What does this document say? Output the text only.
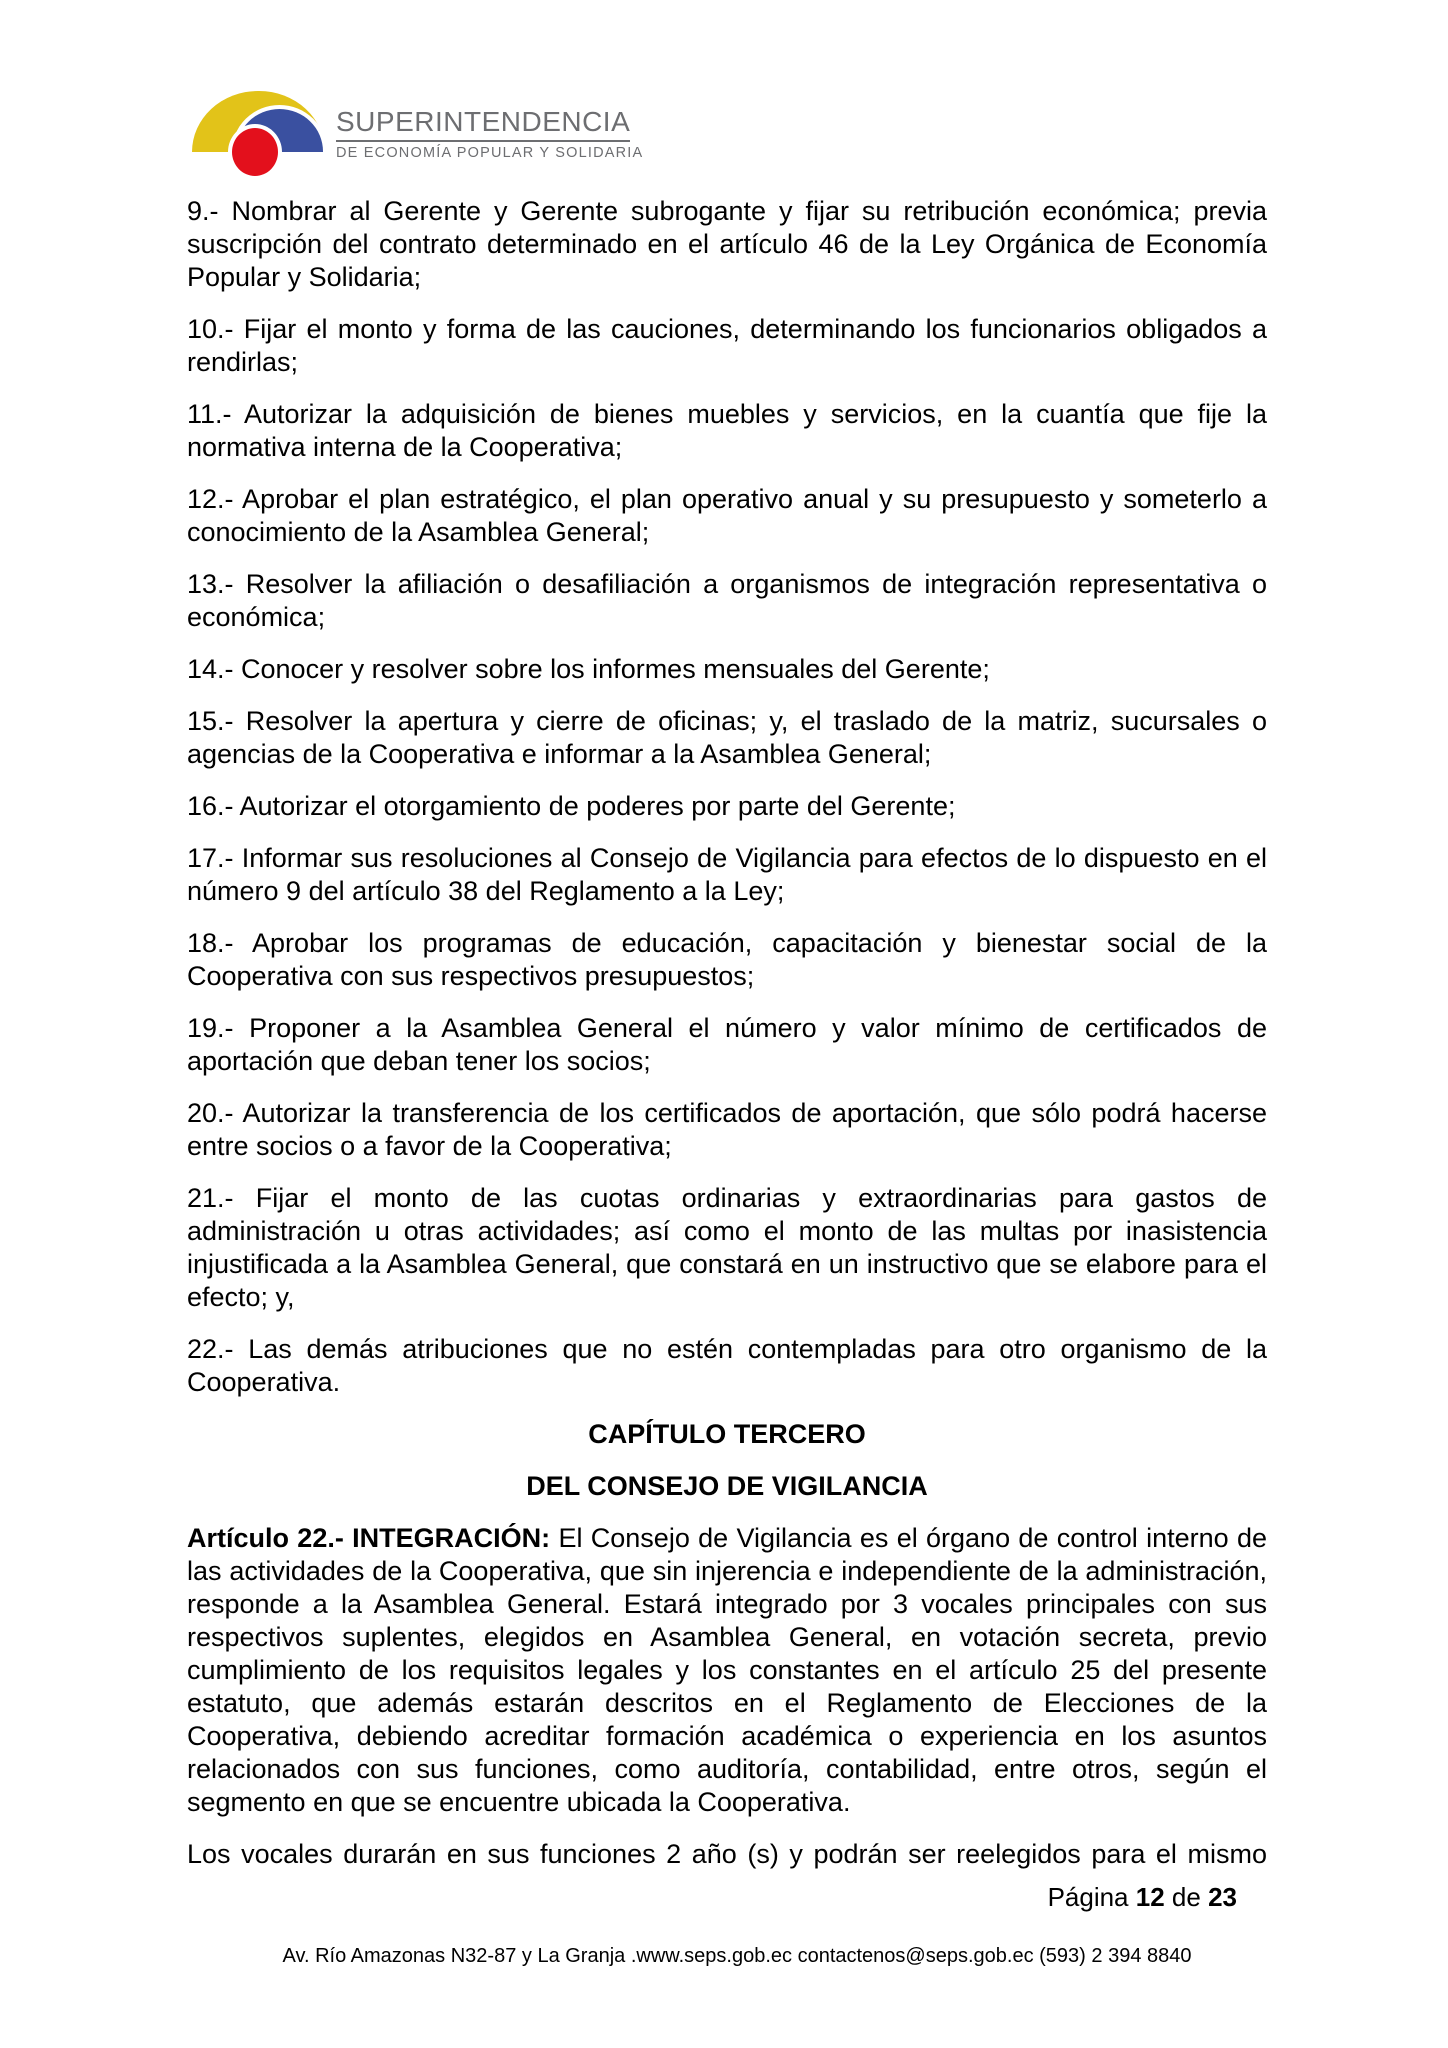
SUPERINTENDENCIA
DE ECONOMÍA POPULAR Y SOLIDARIA

9.- Nombrar al Gerente y Gerente subrogante y fijar su retribución económica; previa suscripción del contrato determinado en el artículo 46 de la Ley Orgánica de Economía Popular y Solidaria;

10.- Fijar el monto y forma de las cauciones, determinando los funcionarios obligados a rendirlas;

11.- Autorizar la adquisición de bienes muebles y servicios, en la cuantía que fije la normativa interna de la Cooperativa;

12.- Aprobar el plan estratégico, el plan operativo anual y su presupuesto y someterlo a conocimiento de la Asamblea General;

13.- Resolver la afiliación o desafiliación a organismos de integración representativa o económica;

14.- Conocer y resolver sobre los informes mensuales del Gerente;

15.- Resolver la apertura y cierre de oficinas; y, el traslado de la matriz, sucursales o agencias de la Cooperativa e informar a la Asamblea General;

16.- Autorizar el otorgamiento de poderes por parte del Gerente;

17.- Informar sus resoluciones al Consejo de Vigilancia para efectos de lo dispuesto en el número 9 del artículo 38 del Reglamento a la Ley;

18.- Aprobar los programas de educación, capacitación y bienestar social de la Cooperativa con sus respectivos presupuestos;

19.- Proponer a la Asamblea General el número y valor mínimo de certificados de aportación que deban tener los socios;

20.- Autorizar la transferencia de los certificados de aportación, que sólo podrá hacerse entre socios o a favor de la Cooperativa;

21.- Fijar el monto de las cuotas ordinarias y extraordinarias para gastos de administración u otras actividades; así como el monto de las multas por inasistencia injustificada a la Asamblea General, que constará en un instructivo que se elabore para el efecto; y,

22.- Las demás atribuciones que no estén contempladas para otro organismo de la Cooperativa.

CAPÍTULO TERCERO

DEL CONSEJO DE VIGILANCIA

Artículo 22.- INTEGRACIÓN: El Consejo de Vigilancia es el órgano de control interno de las actividades de la Cooperativa, que sin injerencia e independiente de la administración, responde a la Asamblea General. Estará integrado por 3 vocales principales con sus respectivos suplentes, elegidos en Asamblea General, en votación secreta, previo cumplimiento de los requisitos legales y los constantes en el artículo 25 del presente estatuto, que además estarán descritos en el Reglamento de Elecciones de la Cooperativa, debiendo acreditar formación académica o experiencia en los asuntos relacionados con sus funciones, como auditoría, contabilidad, entre otros, según el segmento en que se encuentre ubicada la Cooperativa.

Los vocales durarán en sus funciones 2 año (s) y podrán ser reelegidos para el mismo

Página 12 de 23
Av. Río Amazonas N32-87 y La Granja .www.seps.gob.ec contactenos@seps.gob.ec (593) 2 394 8840
